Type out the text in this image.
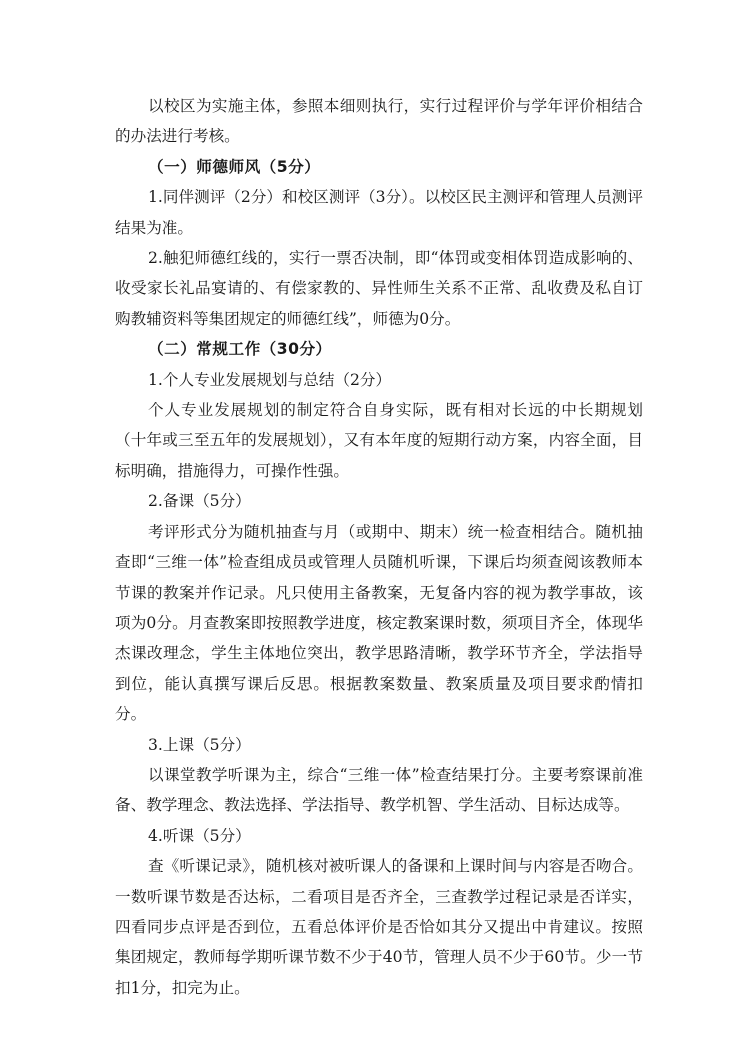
以校区为实施主体，参照本细则执行，实行过程评价与学年评价相结合的办法进行考核。

（一）师德师风（5分）

1.同伴测评（2分）和校区测评（3分）。以校区民主测评和管理人员测评结果为准。

2.触犯师德红线的，实行一票否决制，即“体罚或变相体罚造成影响的、收受家长礼品宴请的、有偿家教的、异性师生关系不正常、乱收费及私自订购教辅资料等集团规定的师德红线”，师德为0分。

（二）常规工作（30分）

1.个人专业发展规划与总结（2分）

个人专业发展规划的制定符合自身实际，既有相对长远的中长期规划（十年或三至五年的发展规划），又有本年度的短期行动方案，内容全面，目标明确，措施得力，可操作性强。

2.备课（5分）

考评形式分为随机抽查与月（或期中、期末）统一检查相结合。随机抽查即“三维一体”检查组成员或管理人员随机听课，下课后均须查阅该教师本节课的教案并作记录。凡只使用主备教案，无复备内容的视为教学事故，该项为0分。月查教案即按照教学进度，核定教案课时数，须项目齐全，体现华杰课改理念，学生主体地位突出，教学思路清晰，教学环节齐全，学法指导到位，能认真撰写课后反思。根据教案数量、教案质量及项目要求酌情扣分。

3.上课（5分）

以课堂教学听课为主，综合“三维一体”检查结果打分。主要考察课前准备、教学理念、教法选择、学法指导、教学机智、学生活动、目标达成等。

4.听课（5分）

查《听课记录》，随机核对被听课人的备课和上课时间与内容是否吻合。一数听课节数是否达标，二看项目是否齐全，三查教学过程记录是否详实，四看同步点评是否到位，五看总体评价是否恰如其分又提出中肯建议。按照集团规定，教师每学期听课节数不少于40节，管理人员不少于60节。少一节扣1分，扣完为止。
